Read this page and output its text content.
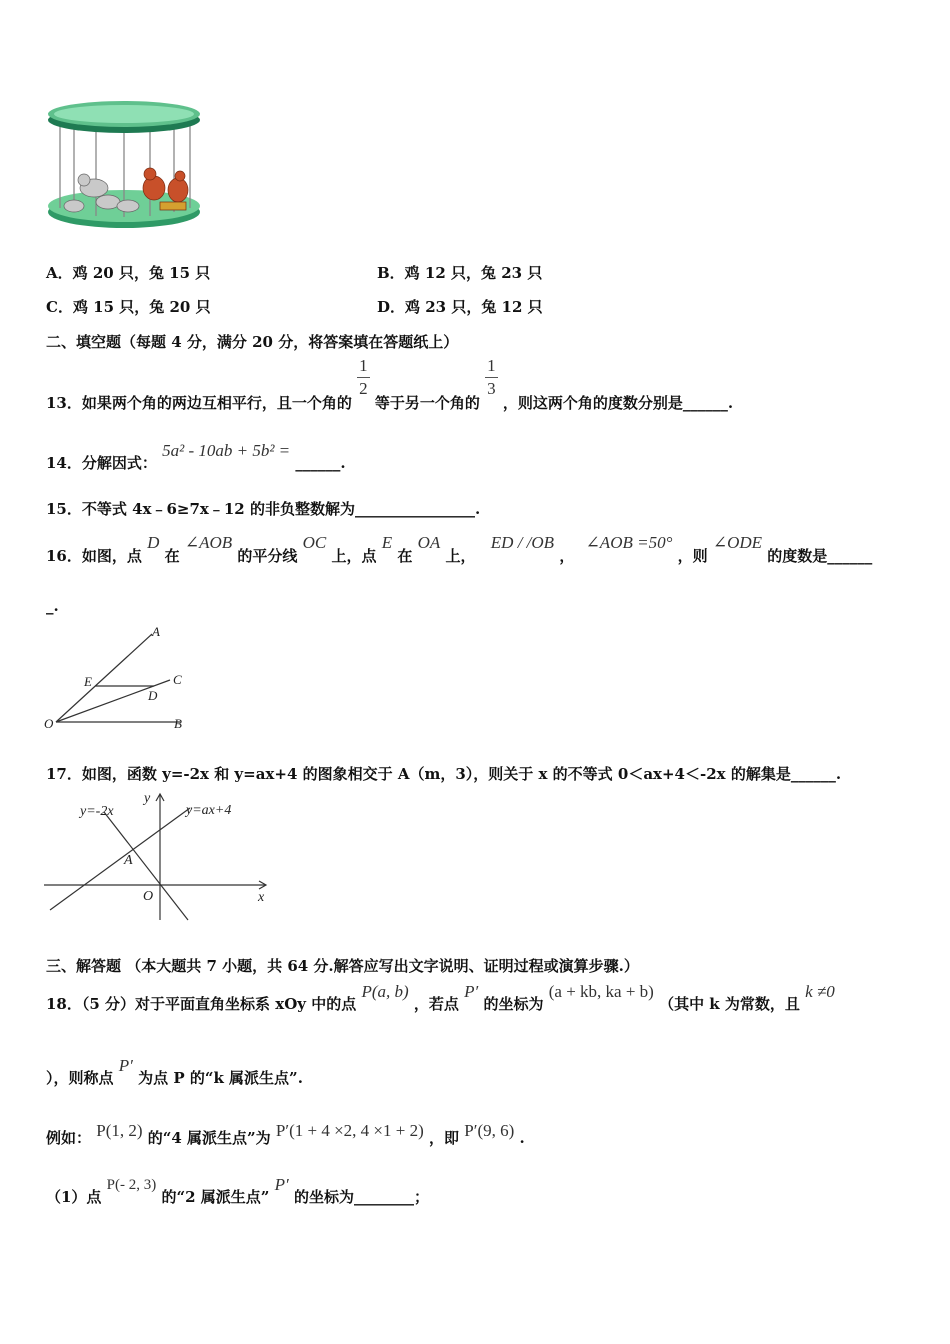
A．鸡 20 只，兔 15 只	B．鸡 12 只，兔 23 只
C．鸡 15 只，兔 20 只	D．鸡 23 只，兔 12 只
二、填空题（每题 4 分，满分 20 分，将答案填在答题纸上）
13．如果两个角的两边互相平行，且一个角的
$\frac{1}{2}$
等于另一个角的
$\frac{1}{3}$
，则这两个角的度数分别是______.
14．分解因式： 5a² - 10ab + 5b² = ______.
15．不等式 4x﹣6≥7x﹣12 的非负整数解为________________.
16．如图，点 D 在 ∠AOB 的平分线 OC 上，点 E 在 OA 上， ED / /OB ， ∠AOB =50° ，则 ∠ODE 的度数是______
_.
A
C
E
D
O	B
17．如图，函数 y=-2x 和 y=ax+4 的图象相交于 A（m，3），则关于 x 的不等式 0＜ax+4＜-2x 的解集是______.
y=-2x	y=ax+4
y
x
A
O
三、解答题 （本大题共 7 小题，共 64 分.解答应写出文字说明、证明过程或演算步骤.）
18．（5 分）对于平面直角坐标系 xOy 中的点 P(a, b) ，若点 P′ 的坐标为 (a + kb, ka + b) （其中 k 为常数，且 k ≠0
），则称点 P′ 为点 P 的“k 属派生点”.
例如： P(1, 2) 的“4 属派生点”为 P′(1 + 4 ×2, 4 ×1 + 2) ，即 P′(9, 6) .
（1）点 P(- 2, 3) 的“2 属派生点” P′ 的坐标为________；
